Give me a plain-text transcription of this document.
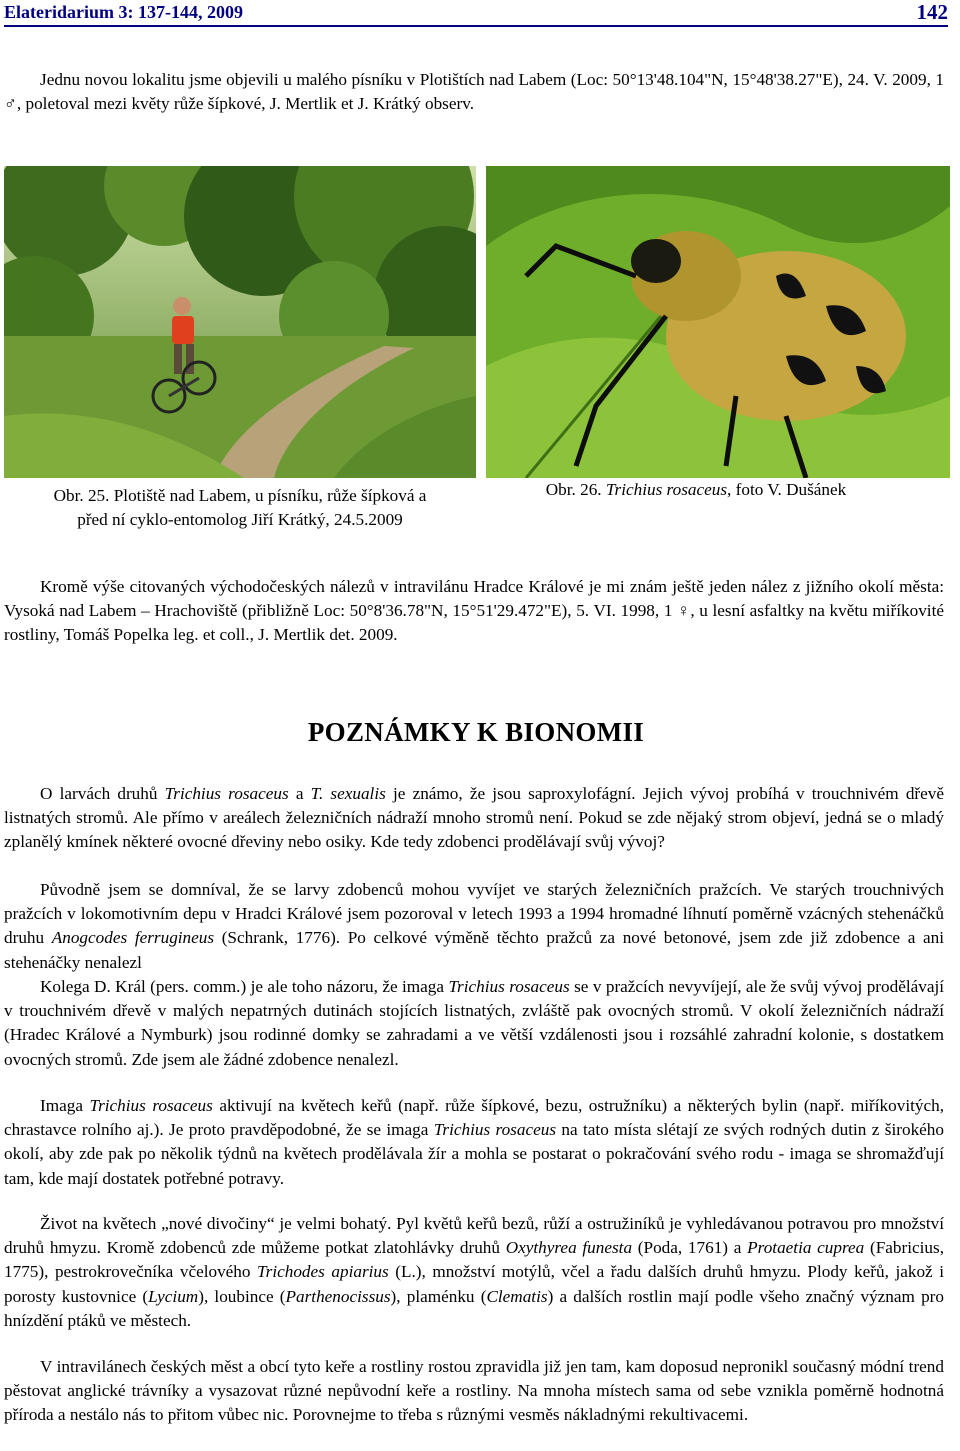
Elateridarium 3: 137-144, 2009	142

Jednu novou lokalitu jsme objevili u malého písníku v Plotištích nad Labem (Loc: 50°13'48.104"N, 15°48'38.27"E), 24. V. 2009, 1 ♂, poletoval mezi květy růže šípkové, J. Mertlik et J. Krátký observ.

Obr. 25. Plotiště nad Labem, u písníku, růže šípková a
před ní cyklo-entomolog Jiří Krátký, 24.5.2009
Obr. 26. Trichius rosaceus, foto V. Dušánek

Kromě výše citovaných východočeských nálezů v intravilánu Hradce Králové je mi znám ještě jeden nález z jižního okolí města: Vysoká nad Labem – Hrachoviště (přibližně Loc: 50°8'36.78"N, 15°51'29.472"E), 5. VI. 1998, 1 ♀, u lesní asfaltky na květu miříkovité rostliny, Tomáš Popelka leg. et coll., J. Mertlik det. 2009.

POZNÁMKY K BIONOMII

O larvách druhů Trichius rosaceus a T. sexualis je známo, že jsou saproxylofágní. Jejich vývoj probíhá v trouchnivém dřevě listnatých stromů. Ale přímo v areálech železničních nádraží mnoho stromů není. Pokud se zde nějaký strom objeví, jedná se o mladý zplanělý kmínek některé ovocné dřeviny nebo osiky. Kde tedy zdobenci prodělávají svůj vývoj?

Původně jsem se domníval, že se larvy zdobenců mohou vyvíjet ve starých železničních pražcích. Ve starých trouchnivých pražcích v lokomotivním depu v Hradci Králové jsem pozoroval v letech 1993 a 1994 hromadné líhnutí poměrně vzácných stehenáčků druhu Anogcodes ferrugineus (Schrank, 1776). Po celkové výměně těchto pražců za nové betonové, jsem zde již zdobence a ani stehenáčky nenalezl

Kolega D. Král (pers. comm.) je ale toho názoru, že imaga Trichius rosaceus se v pražcích nevyvíjejí, ale že svůj vývoj prodělávají v trouchnivém dřevě v malých nepatrných dutinách stojících listnatých, zvláště pak ovocných stromů. V okolí železničních nádraží (Hradec Králové a Nymburk) jsou rodinné domky se zahradami a ve větší vzdálenosti jsou i rozsáhlé zahradní kolonie, s dostatkem ovocných stromů. Zde jsem ale žádné zdobence nenalezl.

Imaga Trichius rosaceus aktivují na květech keřů (např. růže šípkové, bezu, ostružníku) a některých bylin (např. miříkovitých, chrastavce rolního aj.). Je proto pravděpodobné, že se imaga Trichius rosaceus na tato místa slétají ze svých rodných dutin z širokého okolí, aby zde pak po několik týdnů na květech prodělávala žír a mohla se postarat o pokračování svého rodu - imaga se shromažďují tam, kde mají dostatek potřebné potravy.

Život na květech „nové divočiny“ je velmi bohatý. Pyl květů keřů bezů, růží a ostružiníků je vyhledávanou potravou pro množství druhů hmyzu. Kromě zdobenců zde můžeme potkat zlatohlávky druhů Oxythyrea funesta (Poda, 1761) a Protaetia cuprea (Fabricius, 1775), pestrokrovečníka včelového Trichodes apiarius (L.), množství motýlů, včel a řadu dalších druhů hmyzu. Plody keřů, jakož i porosty kustovnice (Lycium), loubince (Parthenocissus), plaménku (Clematis) a dalších rostlin mají podle všeho značný význam pro hnízdění ptáků ve městech.

V intravilánech českých měst a obcí tyto keře a rostliny rostou zpravidla již jen tam, kam doposud nepronikl současný módní trend pěstovat anglické trávníky a vysazovat různé nepůvodní keře a rostliny. Na mnoha místech sama od sebe vznikla poměrně hodnotná příroda a nestálo nás to přitom vůbec nic. Porovnejme to třeba s různými vesměs nákladnými rekultivacemi.
